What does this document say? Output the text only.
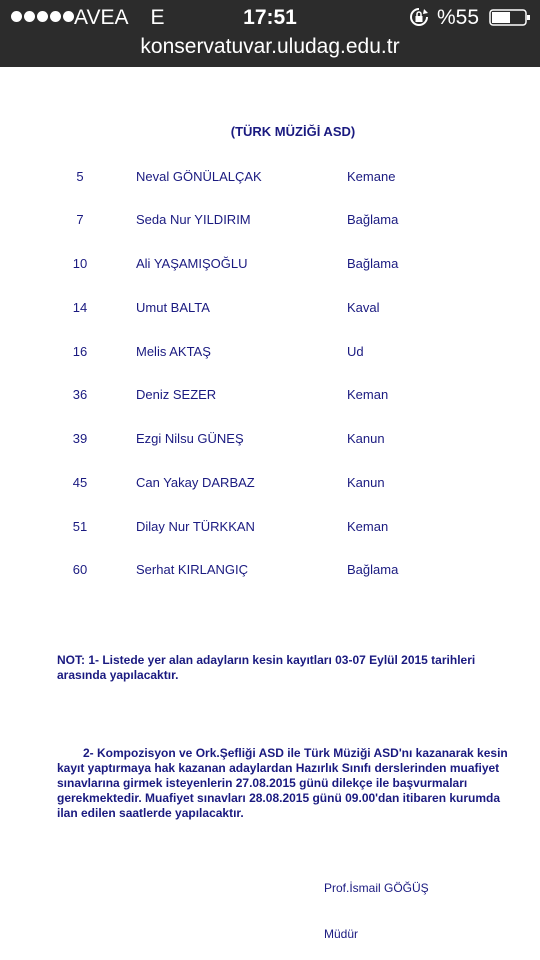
AVEA E	17:51	%55
konservatuvar.uludag.edu.tr
(TÜRK MÜZİĞİ ASD)
5	Neval GÖNÜLALÇAK	Kemane
7	Seda Nur YILDIRIM	Bağlama
10	Ali YAŞAMIŞOĞLU	Bağlama
14	Umut BALTA	Kaval
16	Melis AKTAŞ	Ud
36	Deniz SEZER	Keman
39	Ezgi Nilsu GÜNEŞ	Kanun
45	Can Yakay DARBAZ	Kanun
51	Dilay Nur TÜRKKAN	Keman
60	Serhat KIRLANGIÇ	Bağlama
NOT: 1- Listede yer alan adayların kesin kayıtları 03-07 Eylül 2015 tarihleri arasında yapılacaktır.
2- Kompozisyon ve Ork.Şefliği ASD ile Türk Müziği ASD'nı kazanarak kesin kayıt yaptırmaya hak kazanan adaylardan Hazırlık Sınıfı derslerinden muafiyet sınavlarına girmek isteyenlerin 27.08.2015 günü dilekçe ile başvurmaları gerekmektedir. Muafiyet sınavları 28.08.2015 günü 09.00'dan itibaren kurumda ilan edilen saatlerde yapılacaktır.
Prof.İsmail GÖĞÜŞ
Müdür
